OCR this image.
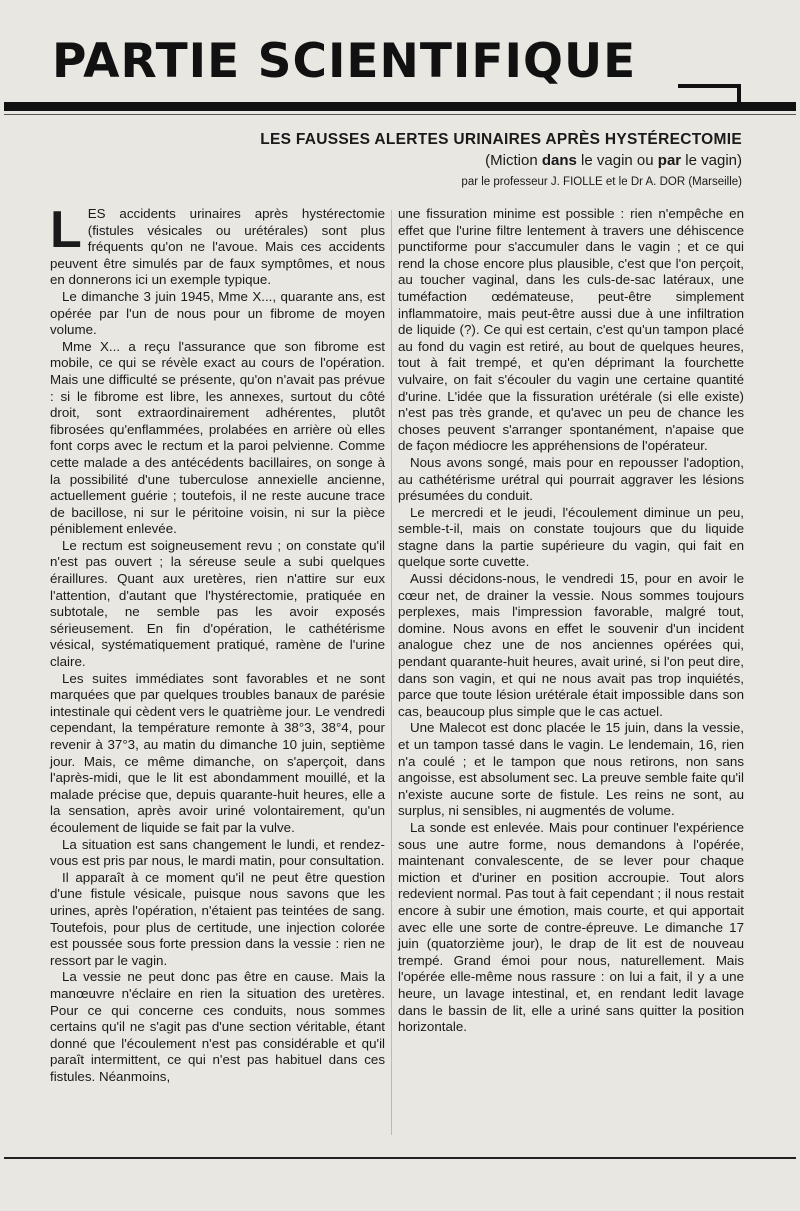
PARTIE SCIENTIFIQUE
LES FAUSSES ALERTES URINAIRES APRÈS HYSTÉRECTOMIE
(Miction dans le vagin ou par le vagin)
par le professeur J. FIOLLE et le Dr A. DOR (Marseille)

LES accidents urinaires après hystérectomie (fistules vésicales ou urétérales) sont plus fréquents qu'on ne l'avoue. Mais ces accidents peuvent être simulés par de faux symptômes, et nous en donnerons ici un exemple typique.

Le dimanche 3 juin 1945, Mme X..., quarante ans, est opérée par l'un de nous pour un fibrome de moyen volume.

Mme X... a reçu l'assurance que son fibrome est mobile, ce qui se révèle exact au cours de l'opération. Mais une difficulté se présente, qu'on n'avait pas prévue : si le fibrome est libre, les annexes, surtout du côté droit, sont extraordinairement adhérentes, plutôt fibrosées qu'enflammées, prolabées en arrière où elles font corps avec le rectum et la paroi pelvienne. Comme cette malade a des antécédents bacillaires, on songe à la possibilité d'une tuberculose annexielle ancienne, actuellement guérie ; toutefois, il ne reste aucune trace de bacillose, ni sur le péritoine voisin, ni sur la pièce péniblement enlevée.

Le rectum est soigneusement revu ; on constate qu'il n'est pas ouvert ; la séreuse seule a subi quelques éraillures. Quant aux uretères, rien n'attire sur eux l'attention, d'autant que l'hystérectomie, pratiquée en subtotale, ne semble pas les avoir exposés sérieusement. En fin d'opération, le cathétérisme vésical, systématiquement pratiqué, ramène de l'urine claire.

Les suites immédiates sont favorables et ne sont marquées que par quelques troubles banaux de parésie intestinale qui cèdent vers le quatrième jour. Le vendredi cependant, la température remonte à 38°3, 38°4, pour revenir à 37°3, au matin du dimanche 10 juin, septième jour. Mais, ce même dimanche, on s'aperçoit, dans l'après-midi, que le lit est abondamment mouillé, et la malade précise que, depuis quarante-huit heures, elle a la sensation, après avoir uriné volontairement, qu'un écoulement de liquide se fait par la vulve.

La situation est sans changement le lundi, et rendez-vous est pris par nous, le mardi matin, pour consultation.

Il apparaît à ce moment qu'il ne peut être question d'une fistule vésicale, puisque nous savons que les urines, après l'opération, n'étaient pas teintées de sang. Toutefois, pour plus de certitude, une injection colorée est poussée sous forte pression dans la vessie : rien ne ressort par le vagin.

La vessie ne peut donc pas être en cause. Mais la manœuvre n'éclaire en rien la situation des uretères. Pour ce qui concerne ces conduits, nous sommes certains qu'il ne s'agit pas d'une section véritable, étant donné que l'écoulement n'est pas considérable et qu'il paraît intermittent, ce qui n'est pas habituel dans ces fistules. Néanmoins,

une fissuration minime est possible : rien n'empêche en effet que l'urine filtre lentement à travers une déhiscence punctiforme pour s'accumuler dans le vagin ; et ce qui rend la chose encore plus plausible, c'est que l'on perçoit, au toucher vaginal, dans les culs-de-sac latéraux, une tuméfaction œdémateuse, peut-être simplement inflammatoire, mais peut-être aussi due à une infiltration de liquide (?). Ce qui est certain, c'est qu'un tampon placé au fond du vagin est retiré, au bout de quelques heures, tout à fait trempé, et qu'en déprimant la fourchette vulvaire, on fait s'écouler du vagin une certaine quantité d'urine. L'idée que la fissuration urétérale (si elle existe) n'est pas très grande, et qu'avec un peu de chance les choses peuvent s'arranger spontanément, n'apaise que de façon médiocre les appréhensions de l'opérateur.

Nous avons songé, mais pour en repousser l'adoption, au cathétérisme urétral qui pourrait aggraver les lésions présumées du conduit.

Le mercredi et le jeudi, l'écoulement diminue un peu, semble-t-il, mais on constate toujours que du liquide stagne dans la partie supérieure du vagin, qui fait en quelque sorte cuvette.

Aussi décidons-nous, le vendredi 15, pour en avoir le cœur net, de drainer la vessie. Nous sommes toujours perplexes, mais l'impression favorable, malgré tout, domine. Nous avons en effet le souvenir d'un incident analogue chez une de nos anciennes opérées qui, pendant quarante-huit heures, avait uriné, si l'on peut dire, dans son vagin, et qui ne nous avait pas trop inquiétés, parce que toute lésion urétérale était impossible dans son cas, beaucoup plus simple que le cas actuel.

Une Malecot est donc placée le 15 juin, dans la vessie, et un tampon tassé dans le vagin. Le lendemain, 16, rien n'a coulé ; et le tampon que nous retirons, non sans angoisse, est absolument sec. La preuve semble faite qu'il n'existe aucune sorte de fistule. Les reins ne sont, au surplus, ni sensibles, ni augmentés de volume.

La sonde est enlevée. Mais pour continuer l'expérience sous une autre forme, nous demandons à l'opérée, maintenant convalescente, de se lever pour chaque miction et d'uriner en position accroupie. Tout alors redevient normal. Pas tout à fait cependant ; il nous restait encore à subir une émotion, mais courte, et qui apportait avec elle une sorte de contre-épreuve. Le dimanche 17 juin (quatorzième jour), le drap de lit est de nouveau trempé. Grand émoi pour nous, naturellement. Mais l'opérée elle-même nous rassure : on lui a fait, il y a une heure, un lavage intestinal, et, en rendant ledit lavage dans le bassin de lit, elle a uriné sans quitter la position horizontale.
